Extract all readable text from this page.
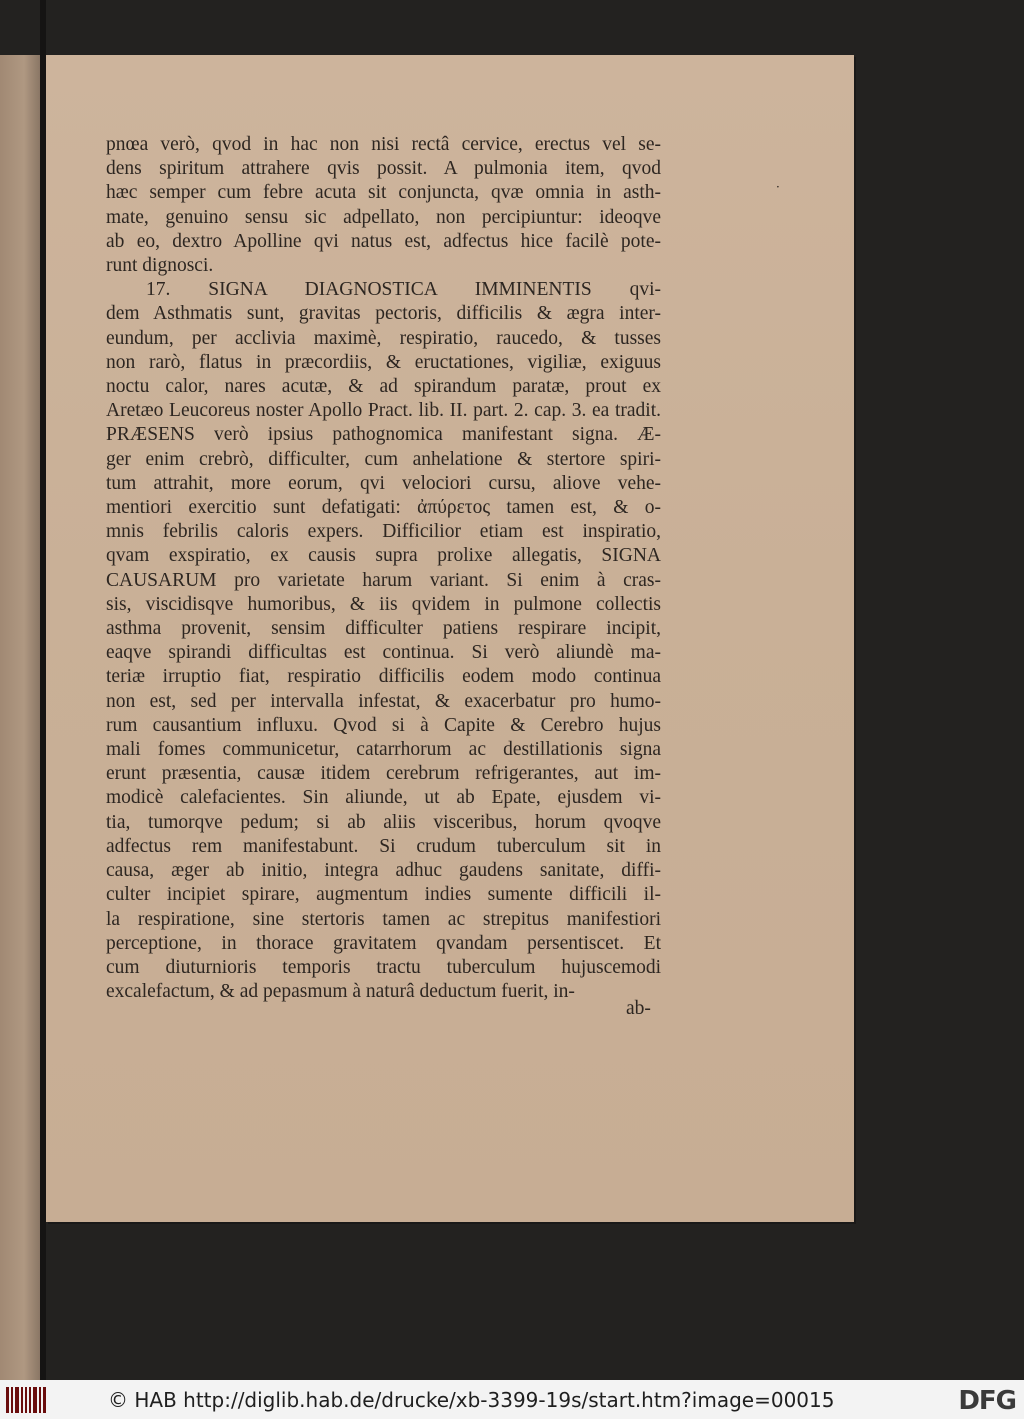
·
pnœa verò, qvod in hac non nisi rectâ cervice, erectus vel se-
dens spiritum attrahere qvis possit. A pulmonia item, qvod
hæc semper cum febre acuta sit conjuncta, qvæ omnia in asth-
mate, genuino sensu sic adpellato, non percipiuntur: ideoqve
ab eo, dextro Apolline qvi natus est, adfectus hice facilè pote-
runt dignosci.
17. SIGNA DIAGNOSTICA IMMINENTIS qvi-
dem Asthmatis sunt, gravitas pectoris, difficilis & ægra inter-
eundum, per acclivia maximè, respiratio, raucedo, & tusses
non rarò, flatus in præcordiis, & eructationes, vigiliæ, exiguus
noctu calor, nares acutæ, & ad spirandum paratæ, prout ex
Aretæo Leucoreus noster Apollo Pract. lib. II. part. 2. cap. 3. ea tradit.
PRÆSENS verò ipsius pathognomica manifestant signa. Æ-
ger enim crebrò, difficulter, cum anhelatione & stertore spiri-
tum attrahit, more eorum, qvi velociori cursu, aliove vehe-
mentiori exercitio sunt defatigati: ἀπύρετος tamen est, & o-
mnis febrilis caloris expers. Difficilior etiam est inspiratio,
qvam exspiratio, ex causis supra prolixe allegatis, SIGNA
CAUSARUM pro varietate harum variant. Si enim à cras-
sis, viscidisqve humoribus, & iis qvidem in pulmone collectis
asthma provenit, sensim difficulter patiens respirare incipit,
eaqve spirandi difficultas est continua. Si verò aliundè ma-
teriæ irruptio fiat, respiratio difficilis eodem modo continua
non est, sed per intervalla infestat, & exacerbatur pro humo-
rum causantium influxu. Qvod si à Capite & Cerebro hujus
mali fomes communicetur, catarrhorum ac destillationis signa
erunt præsentia, causæ itidem cerebrum refrigerantes, aut im-
modicè calefacientes. Sin aliunde, ut ab Epate, ejusdem vi-
tia, tumorqve pedum; si ab aliis visceribus, horum qvoqve
adfectus rem manifestabunt. Si crudum tuberculum sit in
causa, æger ab initio, integra adhuc gaudens sanitate, diffi-
culter incipiet spirare, augmentum indies sumente difficili il-
la respiratione, sine stertoris tamen ac strepitus manifestiori
perceptione, in thorace gravitatem qvandam persentiscet. Et
cum diuturnioris temporis tractu tuberculum hujuscemodi
excalefactum, & ad pepasmum à naturâ deductum fuerit, in-
ab-
© HAB http://diglib.hab.de/drucke/xb-3399-19s/start.htm?image=00015	DFG
